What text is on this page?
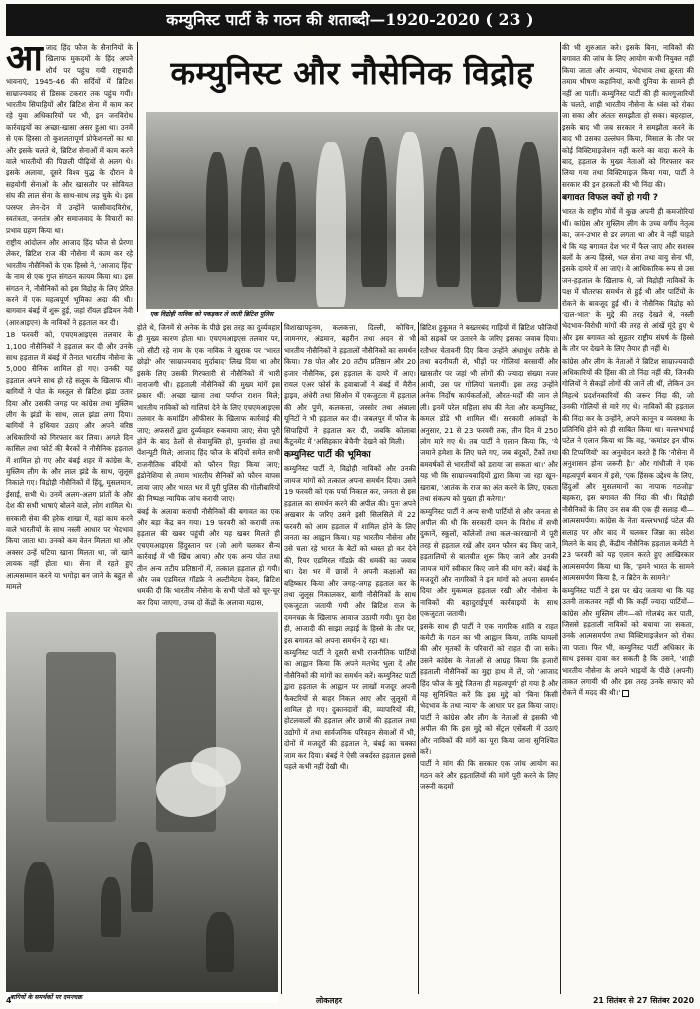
कम्युनिस्ट पार्टी के गठन की शताब्दी—1920-2020 ( 23 )

आजाद हिंद फौज के सैनानियों के खिलाफ मुकदमों के हिंद अपने शौर्य पर पहुंच गयी राष्ट्रवादी भावनाएं, 1945-46 की सर्दियों में ब्रिटिश साम्राज्यवाद से डिसक टकरार तक पहुंच गयीं। भारतीय सिपाहियों और ब्रिटिश सेना में काम कर रहे युवा अधिकारियों पर भी, इन जनविरोध कार्रवाइयों का अच्छा-खासा असर हुआ था। उनमें से एक हिस्सा तो कुशलतापूर्ण प्रोफेशनलों का था और इसके चलते थे, ब्रिटिश सेनाओं में काम करने वाले भारतीयों की पिछली पीढ़ियों से अलग थे। इसके अलावा, दूसरे विश्व युद्ध के दौरान वे सहयोगी सेनाओं के और खासतौर पर सोवियत संघ की लाल सेना के साथ-साथ लड़ चुके थे। इस परस्पर लेन-देन में उन्होंने फासीवादविरोध, स्वतंत्रता, जनतंत्र और समाजवाद के विचारों का प्रभाव ग्रहण किया था।

राष्ट्रीय आंदोलन और आजाद हिंद फौज से प्रेरणा लेकर, ब्रिटिश राज की नौसेना में काम कर रहे भारतीय नौसैनिकों के एक हिस्से ने, 'आजाद हिंद' के नाम से एक गुप्त संगठन कायम किया था। इस संगठन ने, नौसैनिकों को इस विद्रोह के लिए प्रेरित करने में एक महत्वपूर्ण भूमिका अदा की थी। बागवान बंबई में शुरू हुई, जहां रॉयल इंडियन नेवी (आरआइएन) के नाविकों ने हड़ताल कर दी।

18 फरवरी को, एचएमआइएस तलवार के 1,100 नौसैनिकों ने हड़ताल कर दी और उनके साथ हड़ताल में बंबई में तैनात भारतीय नौसेना के 5,000 सैनिक शामिल हो गए। उनकी यह हड़ताल अपने साथ हो रहे सलूक के खिलाफ थी। बागियों ने पोत के मस्तूल से ब्रिटिश झंडा उतार दिया और उसकी जगह पर कांग्रेस तथा मुस्लिम लीग के झंडों के साथ, लाल झंडा लगा दिया। बागियों ने हथियार उठाए और अपने वरिष्ठ अधिकारियों को गिरफ्तार कर लिया। अगले दिन कासिल तथा फोर्ट की बैरकों ने नौसैनिक हड़ताल में शामिल हो गए और बंबई शहर में कांग्रेस के, मुस्लिम लीग के और लाल झंडे के साथ, जुलूस निकाले गए। विद्रोही नौसैनिकों में हिंदू, मुसलमान, ईसाई, सभी थे। उनमें अलग-अलग प्रांतों के और देश की सभी भाषाएं बोलने वाले, लोग शामिल थे।

सरकारी सेवा की हरेक शाखा में, वहां काम करने वाले भारतीयों के साथ नस्ली आधार पर भेदभाव किया जाता था। उनको कम वेतन मिलता था और अक्सर उन्हें घटिया खाना मिलता था, जो खाने लायक नहीं होता था। सेना में रहते हुए आत्मसम्मान करने या भगोड़ा बन जाने के बहुत से मामले

कम्युनिस्ट और नौसेनिक विद्रोह
एक विद्रोही नाविक को पकड़कर ले जाती ब्रिटिश पुलिस

होते थे, जिनमें से अनेक के पीछे इस तरह का दुर्व्यवहार ही मुख्य कारण होता था। एचएमआइएस तलवार पर, जो सीटी रहे नाम के एक नाविक ने खुराक पर 'भारत छोड़ो' और 'साम्राज्यवाद मुर्दाबाद' लिख दिया था और इसके लिए उसकी गिरफ्तारी से नौसैनिकों में भारी नाराजगी थी। हड़ताली नौसैनिकों की मुख्य मांगें इस प्रकार थीं: अच्छा खाना तथा पर्याप्त राशन मिले; भारतीय नाविकों को गालियां देने के लिए एचएमआइएस तलवार के कमांडिंग ऑफीसर के खिलाफ कार्रवाई की जाए; अफसरों द्वारा दुर्व्यवहार रुकवाया जाए; सेवा पूरी होने के बाद ठेलों से सेवामुक्ति हो, पुनर्वास हो तथा पेंशन्यूटी मिले; आजाद हिंद फौज के बंदियों समेत सभी राजनीतिक बंदियों को फौरन रिहा किया जाए; इंडोनेशिया से तमाम भारतीय सैनिकों को फौरन वापस लाया जाए और भारत भर में पूरी पुलिस की गोलीबारियों की निष्पक्ष न्यायिक जांच करायी जाए।

बंबई के अलावा कराची नौसैनिकों की बगावत का एक और बड़ा केंद्र बन गया। 19 फरवरी को कराची तक हड़ताल की खबर पहुंची और यह खबर मिलते ही एचएमआइएस हिंदुस्तान पर (जो आगे चलकर सैन्य कार्रवाई में भी खिंच आया) और एक अन्य पोत तथा तीन अन्य तटीय प्रतिष्ठानों में, तत्काल हड़ताल हो गयी। और जब एडमिरल गॉडफ्रे ने अल्टीमेटम देकर, ब्रिटिश धमकी दी कि भारतीय नौसेना के सभी पोतों को चूर-चूर कर दिया जाएगा, उच्च दो केंद्रों के अलावा मद्रास,

विशाखापट्टनम, कलकत्ता, दिल्ली, कोचिन, जामनगर, अंडमान, बहरीन तथा अदन से भी भारतीय नौसैनिकों ने हड़तालों नौसैनिकों का समर्थन किया। 78 पोत और 20 तटीय प्रतिष्ठान और 20 हजार नौसैनिक, इस हड़ताल के दायरे में आए। रायल एअर फोर्स के हवाबाजों ने बंबई में मैरीन ड्राइव, अंधेरी तथा सिओन में एकजुटता में हड़ताल की और पुणे, कलकत्ता, जस्सोर तथा अंबाला यूनिटों ने भी हड़ताल कर दी। जबलपुर में फौज के सिपाहियों ने हड़ताल कर दी, जबकि कोलाबा कैंटूनमेंट में 'असिहकार बेचैनी' देखने को मिली।

कम्युनिस्ट पार्टी की भूमिका

कम्युनिस्ट पार्टी ने, विद्रोही नाविकों और उनकी जायज मांगों को तत्काल अपना समर्थन दिया। उसने 19 फरवरी को एक पर्चा निकाल कर, जनता से इस हड़ताल का समर्थन करने की अपील की। पुनः अपने अखबार के जरिए उसने इसी सिलसिले में 22 फरवरी को आम हड़ताल में शामिल होने के लिए जनता का आह्वान किया। यह भारतीय नौसेना और उसे चला रहे भारत के बेटों को ध्वस्त हो कर देने की, रियर एडमिरल गॉडफ्रे की धमकी का जवाब था। देश भर में छात्रों ने अपनी कक्षाओं का बहिष्कार किया और जगह-जगह हड़ताल कर के तथा जुलूस निकालकर, बागी नौसैनिकों के साथ एकजुटता जतायी गयी और ब्रिटिश राज के दमनचक्र के खिलाफ आवाज उठायी गयी। पूरा देश ही, आजादी की साझा लड़ाई के हिस्से के तौर पर, इस बगावत को अपना समर्थन दे रहा था।

कम्युनिस्ट पार्टी ने दूसरी सभी राजनीतिक पार्टियों का आह्वान किया कि अपने मतभेद भुला दें और नौसैनिकों की मांगों का समर्थन करें। कम्युनिस्ट पार्टी द्वारा हड़ताल के आह्वान पर लाखों मजदूर अपनी फैक्टरियों से बाहर निकल आए और जुलूसों में शामिल हो गए। दुकानदारों की, व्यापारियों की, होटलवालों की हड़ताल और छात्रों की हड़ताल तथा उद्योगों में तथा सार्वजनिक परिवहन सेवाओं में भी, दोनों में मजदूरों की हड़ताल ने, बंबई का चक्का जाम कर दिया। बंबई ने ऐसी जबर्दस्त हड़ताल इससे पहले कभी नहीं देखी थी।

ब्रिटिश हुकूमत ने बख्तरबंद गाड़ियों में ब्रिटिश फौजियों को सड़कों पर उतारने के जरिए इसका जवाब दिया। रतौभर चेतावनी दिए बिना उन्होंने अंधाधुंध तरीके से तथा बदनीयती से, भीड़ों पर गोलियां बरसायीं और खासतौर पर जहां भी लोगों की ज्यादा संख्या नजर आयी, उस पर गोलियां चलायीं। इस तरह उन्होंने अनेक निर्दोष कार्यकर्ताओं, औरत-मर्दों की जान ले ली। इनमें परेल महिला संघ की नेता और कम्युनिस्ट, कमल डोंडे भी शामिल थीं। सरकारी आंकड़ों के अनुसार, 21 से 23 फरवरी तक, तीन दिन में 250 लोग मारे गए थे। तब पार्टी ने एलान किया कि, 'ये जमाने हमेशा के लिए चले गए, जब बंदूकों, टैंकों तथा बमवर्षकों से भारतीयों को डराया जा सकता था।' और यह भी कि साम्राज्यवादियों द्वारा किया जा रहा खून-खराबा, 'आतंक के राज का अंत करने के लिए, एकता तथा संकल्प को पुख्ता ही करेगा।'

कम्युनिस्ट पार्टी ने अन्य सभी पार्टियों से और जनता से अपील की थी कि सरकारी दमन के विरोध में सभी दुकानें, स्कूलों, कॉलेजों तथा कल-कारखानों में पूरी तरह से हड़ताल रखें और दमन फौरन बंद किए जाने, हड़तालियों से बातचीत शुरू किए जाने और उनकी जायज मांगें स्वीकार किए जाने की मांग करें। बंबई के मजदूरों और नागरिकों ने इन मांगों को अपना समर्थन दिया और मुकम्मल हड़ताल रखी और नौसेना के नाविकों की बहादुराईपूर्ण कार्रवाइयों के साथ एकजुटता जतायी।

इसके साथ ही पार्टी ने एक नागरिक शांति व राहत कमेटी के गठन का भी आह्वान किया, ताकि घायलों की और मृतकों के परिवारों को राहत दी जा सके। उसने कांग्रेस के नेताओं से आग्रह किया कि हजारों हड़ताली नौसैनिकों का मुद्दा हाथ में लें, जो 'आजाद हिंद फौज के मुद्दे जितना ही महत्वपूर्ण' हो गया है और यह सुनिश्चित करें कि इस मुद्दे को 'बिना किसी भेदभाव के तथा न्याय' के आधार पर हल किया जाए। पार्टी ने कांग्रेस और लीग के नेताओं से इसकी भी अपील की कि इस मुद्दे को सेंट्रल एसेंबली में उठाएं और नाविकों की मांगें का पूरा किया जाना सुनिश्चित करें।

पार्टी ने मांग की कि सरकार एक जांच आयोग का गठन करे और हड़तालियों की मांगें पूरी करने के लिए जरूरी कदमों

की भी शुरुआत करे। इसके बिना, नाविकों की बगावत की जांच के लिए आयोग कभी नियुक्त नहीं किया जाता और अन्याय, भेदभाव तथा क्रूरता की तमाम भीषण कहानियां, कभी दुनिया के सामने ही नहीं आ पातीं। कम्युनिस्ट पार्टी की ही कारगुजारियों के चलते, शाही भारतीय नौसेना के ध्वंस को रोका जा सका और अंततः समझौता हो सका। बहरहाल, इसके बाद भी जब सरकार ने समझौता करने के बाद भी उसका उल्लंघन किया, मिसाल के तौर पर कोई विक्टिमाइजेशन नहीं करने का वादा करने के बाद, हड़ताल के मुख्य नेताओं को गिरफ्तार कर लिया गया तथा विक्टिमाइज किया गया, पार्टी ने सरकार की इन हरकतों की भी निंदा की।

बगावत विफल क्यों हो गयी ?

भारत के राष्ट्रीय मोर्चे में कुछ अपनी ही कमजोरियां थीं। कांग्रेस और मुस्लिम लीग के उच्च वर्गीय नेतृत्व का, जन-उभार से डर लगता था और वे नहीं चाहते थे कि यह बगावत देश भर में फैल जाए और सशस्त्र बलों के अन्य हिस्से, भल सेना तथा वायु सेना भी, इसके दायरे में आ जाएं। वे आधिकारिक रूप से उस जन-हड़ताल के खिलाफ थे, जो विद्रोही नाविकों के पक्ष में चौतरफा समर्थन से हुई थी और पार्टियों के रोकने के बावजूद हुई थी। वे नौसैनिक विद्रोह को 'दाल-भात' के मुद्दे की तरह देखते थे, नस्ली भेदभाव-विरोधी मांगों की तरह से आंखें मूंदे हुए थे और इस बगावत को सुहतर राष्ट्रीय संघर्ष के हिस्से के तौर पर देखने के लिए तैयार ही नहीं थे।

कांग्रेस और लीग के नेताओं ने ब्रिटिश साम्राज्यवादी अधिकारियों की हिंसा की तो निंदा नहीं की, जिनकी गोलियों ने सैकड़ों लोगों की जानें ली थीं, लेकिन उन निहत्थे प्रदर्शनकारियों की जरूर निंदा की, जो उनकी गोलियों से मारे गए थे। नाविकों की हड़ताल की निंदा कर के उन्होंने, अपने कानून व व्यवस्था के प्रतिनिधि होने को ही साबित किया था। वल्लभभाई पटेल ने एलान किया था कि वह, 'कमांडर इन चीफ की टिप्पणियों' का अनुमोदन करते हैं कि 'नौसेना में अनुशासन होना जरूरी है।' और गांधीजी ने एक महत्वपूर्ण बयान में इसे, 'एक हिंसक उद्देश्य के लिए, हिंदुओं और मुसलमानों का नापाक गठजोड़' बहकरा, इस बगावत की निंदा की थी। विद्रोही नौसैनिकों के लिए उन सब की एक ही सलाह थी—आत्मसमर्पण। कांग्रेस के नेता वल्लभभाई पटेल की सलाह पर और बाद में चलकर जिन्ना का संदेश मिलने के बाद ही, केंद्रीय नौसैनिक हड़ताल कमेटी ने 23 फरवरी को यह एलान करते हुए आखिरकार आत्मसमर्पण किया था कि, 'हमने भारत के सामने आत्मसमर्पण किया है, न ब्रिटेन के सामने।'

कम्युनिस्ट पार्टी ने इस पर खेद जताया था कि यह उतनी ताकतवर नहीं थी कि कहीं ज्यादा पार्टियों—कांग्रेस और मुस्लिम लीग—को गोलबंद कर पाती, जिससे हड़ताली नाविकों को बचाया जा सकता, उनके आत्मसमर्पण तथा विक्टिमाइजेशन को रोका जा पाता। फिर भी, कम्युनिस्ट पार्टी अधिकार के साथ इसका दावा कर सकती है कि उसने, 'शाही भारतीय नौसेना के अपने भाइयों के पीछे (अपनी) ताकत लगायी थी और इस तरह उनके सफाए को रोकने में मदद की थी।'

बागियों के समर्थकों पर दमनचक्र
4	लोकलहर	21 सितंबर से 27 सितंबर 2020
